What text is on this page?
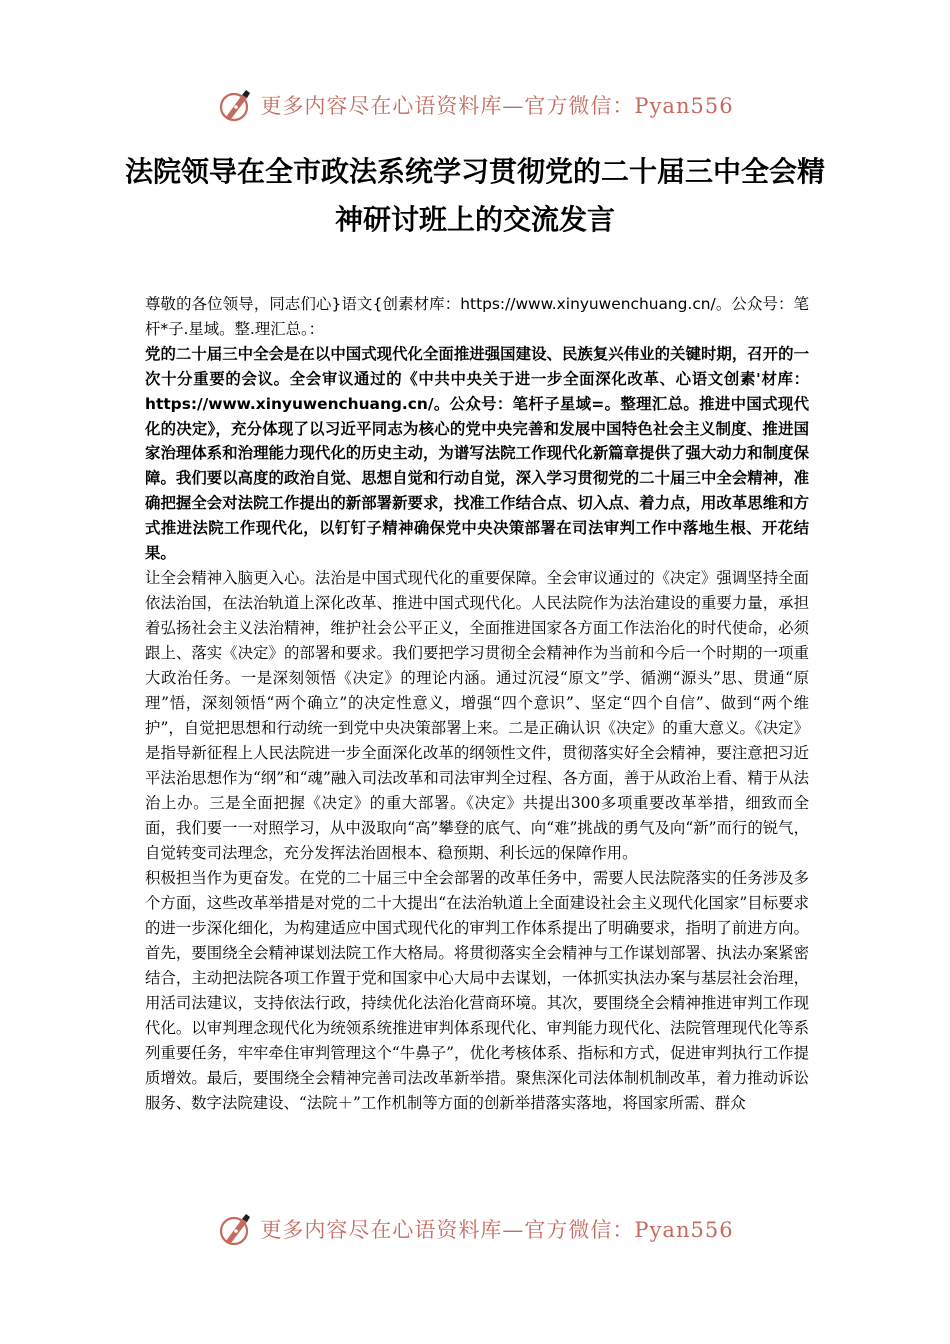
更多内容尽在心语资料库—官方微信：Pyan556
法院领导在全市政法系统学习贯彻党的二十届三中全会精神研讨班上的交流发言

尊敬的各位领导，同志们心}语文{创素材库：https://www.xinyuwenchuang.cn/。公众号：笔杆*子.星域。整.理汇总。：

党的二十届三中全会是在以中国式现代化全面推进强国建设、民族复兴伟业的关键时期，召开的一次十分重要的会议。全会审议通过的《中共中央关于进一步全面深化改革、心语文创素'材库：https://www.xinyuwenchuang.cn/。公众号：笔杆子星域=。整理汇总。推进中国式现代化的决定》，充分体现了以习近平同志为核心的党中央完善和发展中国特色社会主义制度、推进国家治理体系和治理能力现代化的历史主动，为谱写法院工作现代化新篇章提供了强大动力和制度保障。我们要以高度的政治自觉、思想自觉和行动自觉，深入学习贯彻党的二十届三中全会精神，准确把握全会对法院工作提出的新部署新要求，找准工作结合点、切入点、着力点，用改革思维和方式推进法院工作现代化，以钉钉子精神确保党中央决策部署在司法审判工作中落地生根、开花结果。

让全会精神入脑更入心。法治是中国式现代化的重要保障。全会审议通过的《决定》强调坚持全面依法治国，在法治轨道上深化改革、推进中国式现代化。人民法院作为法治建设的重要力量，承担着弘扬社会主义法治精神，维护社会公平正义，全面推进国家各方面工作法治化的时代使命，必须跟上、落实《决定》的部署和要求。我们要把学习贯彻全会精神作为当前和今后一个时期的一项重大政治任务。一是深刻领悟《决定》的理论内涵。通过沉浸“原文”学、循溯“源头”思、贯通“原理”悟，深刻领悟“两个确立”的决定性意义，增强“四个意识”、坚定“四个自信”、做到“两个维护”，自觉把思想和行动统一到党中央决策部署上来。二是正确认识《决定》的重大意义。《决定》是指导新征程上人民法院进一步全面深化改革的纲领性文件，贯彻落实好全会精神，要注意把习近平法治思想作为“纲”和“魂”融入司法改革和司法审判全过程、各方面，善于从政治上看、精于从法治上办。三是全面把握《决定》的重大部署。《决定》共提出300多项重要改革举措，细致而全面，我们要一一对照学习，从中汲取向“高”攀登的底气、向“难”挑战的勇气及向“新”而行的锐气，自觉转变司法理念，充分发挥法治固根本、稳预期、利长远的保障作用。

积极担当作为更奋发。在党的二十届三中全会部署的改革任务中，需要人民法院落实的任务涉及多个方面，这些改革举措是对党的二十大提出“在法治轨道上全面建设社会主义现代化国家”目标要求的进一步深化细化，为构建适应中国式现代化的审判工作体系提出了明确要求，指明了前进方向。首先，要围绕全会精神谋划法院工作大格局。将贯彻落实全会精神与工作谋划部署、执法办案紧密结合，主动把法院各项工作置于党和国家中心大局中去谋划，一体抓实执法办案与基层社会治理，用活司法建议，支持依法行政，持续优化法治化营商环境。其次，要围绕全会精神推进审判工作现代化。以审判理念现代化为统领系统推进审判体系现代化、审判能力现代化、法院管理现代化等系列重要任务，牢牢牵住审判管理这个“牛鼻子”，优化考核体系、指标和方式，促进审判执行工作提质增效。最后，要围绕全会精神完善司法改革新举措。聚焦深化司法体制机制改革，着力推动诉讼服务、数字法院建设、“法院＋”工作机制等方面的创新举措落实落地，将国家所需、群众

更多内容尽在心语资料库—官方微信：Pyan556
